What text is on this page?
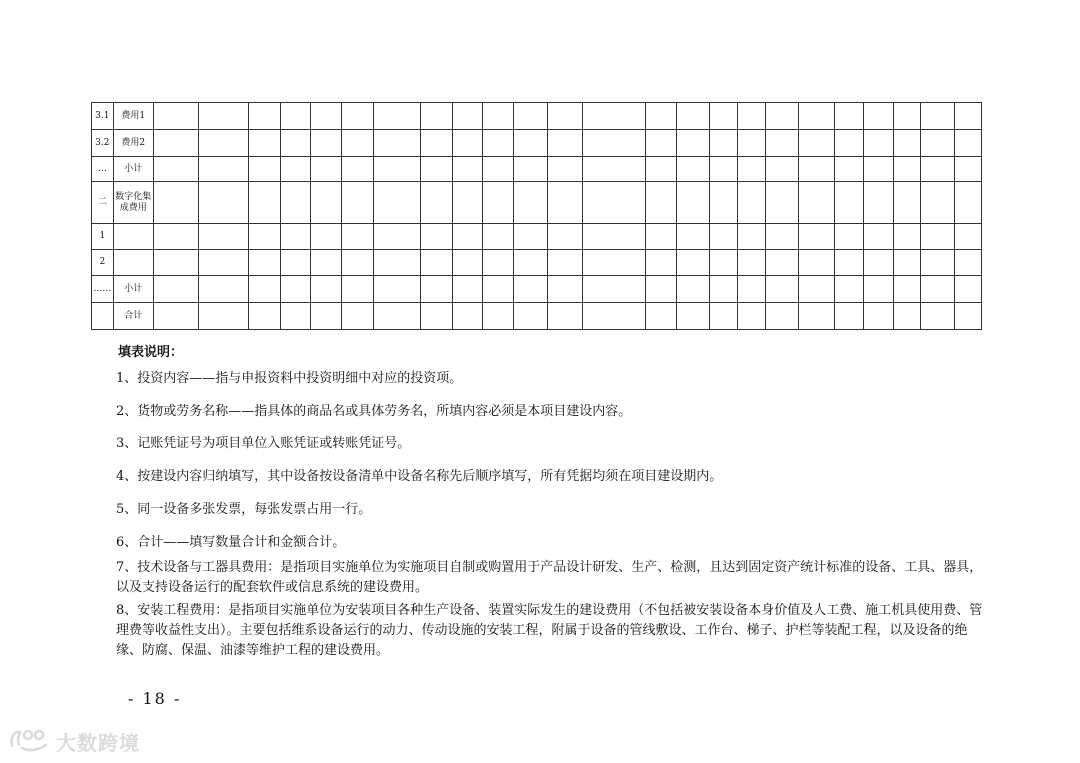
3.1	费用1																								
3.2	费用2																								
…	小计																								
二	数字化集成费用																								
1																									
2																									
……	小计																								
	合计																								
填表说明：
1、投资内容——指与申报资料中投资明细中对应的投资项。
2、货物或劳务名称——指具体的商品名或具体劳务名，所填内容必须是本项目建设内容。
3、记账凭证号为项目单位入账凭证或转账凭证号。
4、按建设内容归纳填写，其中设备按设备清单中设备名称先后顺序填写，所有凭据均须在项目建设期内。
5、同一设备多张发票，每张发票占用一行。
6、合计——填写数量合计和金额合计。
7、技术设备与工器具费用：是指项目实施单位为实施项目自制或购置用于产品设计研发、生产、检测，且达到固定资产统计标准的设备、工具、器具，以及支持设备运行的配套软件或信息系统的建设费用。
8、安装工程费用：是指项目实施单位为安装项目各种生产设备、装置实际发生的建设费用（不包括被安装设备本身价值及人工费、施工机具使用费、管理费等收益性支出）。主要包括维系设备运行的动力、传动设施的安装工程，附属于设备的管线敷设、工作台、梯子、护栏等装配工程，以及设备的绝缘、防腐、保温、油漆等维护工程的建设费用。
- 18 -
大数跨境
